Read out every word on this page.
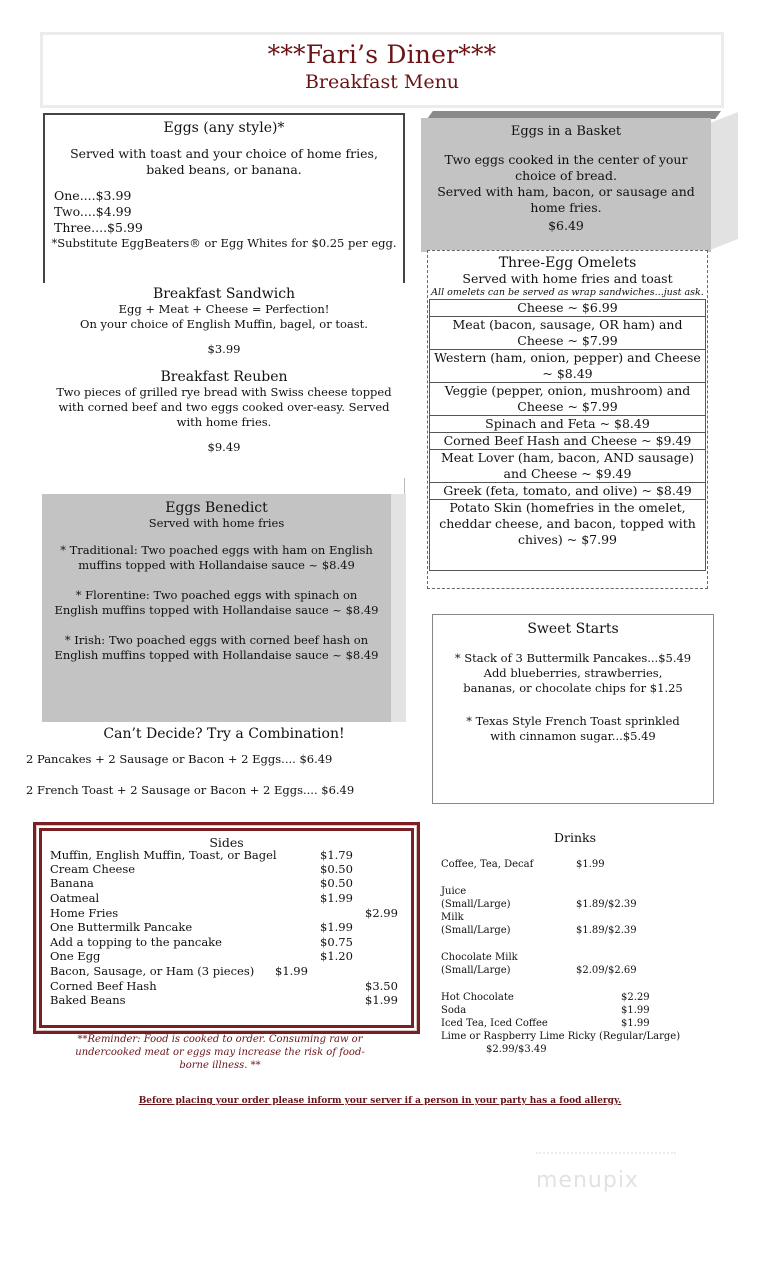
***Fari’s Diner***
Breakfast Menu
Eggs (any style)*
Served with toast and your choice of home fries, baked beans, or banana.
One....$3.99
Two....$4.99
Three....$5.99
*Substitute EggBeaters® or Egg Whites for $0.25 per egg.
Eggs in a Basket
Two eggs cooked in the center of your choice of bread.
Served with ham, bacon, or sausage and home fries.
$6.49
Breakfast Sandwich
Egg + Meat + Cheese = Perfection!
On your choice of English Muffin, bagel, or toast.
$3.99
Breakfast Reuben
Two pieces of grilled rye bread with Swiss cheese topped with corned beef and two eggs cooked over-easy. Served with home fries.
$9.49
Three-Egg Omelets
Served with home fries and toast
All omelets can be served as wrap sandwiches...just ask.
Cheese ~ $6.99
Meat (bacon, sausage, OR ham) and Cheese ~ $7.99
Western (ham, onion, pepper) and Cheese ~ $8.49
Veggie (pepper, onion, mushroom) and Cheese ~ $7.99
Spinach and Feta ~ $8.49
Corned Beef Hash and Cheese ~ $9.49
Meat Lover (ham, bacon, AND sausage) and Cheese ~ $9.49
Greek (feta, tomato, and olive) ~ $8.49
Potato Skin (homefries in the omelet, cheddar cheese, and bacon, topped with chives) ~ $7.99
Eggs Benedict
Served with home fries
* Traditional: Two poached eggs with ham on English muffins topped with Hollandaise sauce ~ $8.49
* Florentine: Two poached eggs with spinach on English muffins topped with Hollandaise sauce ~ $8.49
* Irish: Two poached eggs with corned beef hash on English muffins topped with Hollandaise sauce ~ $8.49
Can’t Decide? Try a Combination!
2 Pancakes + 2 Sausage or Bacon + 2 Eggs.... $6.49
2 French Toast + 2 Sausage or Bacon + 2 Eggs.... $6.49
Sweet Starts
* Stack of 3 Buttermilk Pancakes...$5.49
Add blueberries, strawberries, bananas, or chocolate chips for $1.25
* Texas Style French Toast sprinkled with cinnamon sugar...$5.49
Sides
Muffin, English Muffin, Toast, or Bagel	$1.79
Cream Cheese	$0.50
Banana	$0.50
Oatmeal	$1.99
Home Fries	$2.99
One Buttermilk Pancake	$1.99
Add a topping to the pancake	$0.75
One Egg	$1.20
Bacon, Sausage, or Ham (3 pieces) $1.99
Corned Beef Hash	$3.50
Baked Beans	$1.99
**Reminder: Food is cooked to order. Consuming raw or undercooked meat or eggs may increase the risk of food-borne illness. **
Drinks
Coffee, Tea, Decaf	$1.99
Juice
(Small/Large)	$1.89/$2.39
Milk
(Small/Large)	$1.89/$2.39
Chocolate Milk
(Small/Large)	$2.09/$2.69
Hot Chocolate	$2.29
Soda	$1.99
Iced Tea, Iced Coffee	$1.99
Lime or Raspberry Lime Ricky (Regular/Large)
$2.99/$3.49
Before placing your order please inform your server if a person in your party has a food allergy.
menupix
